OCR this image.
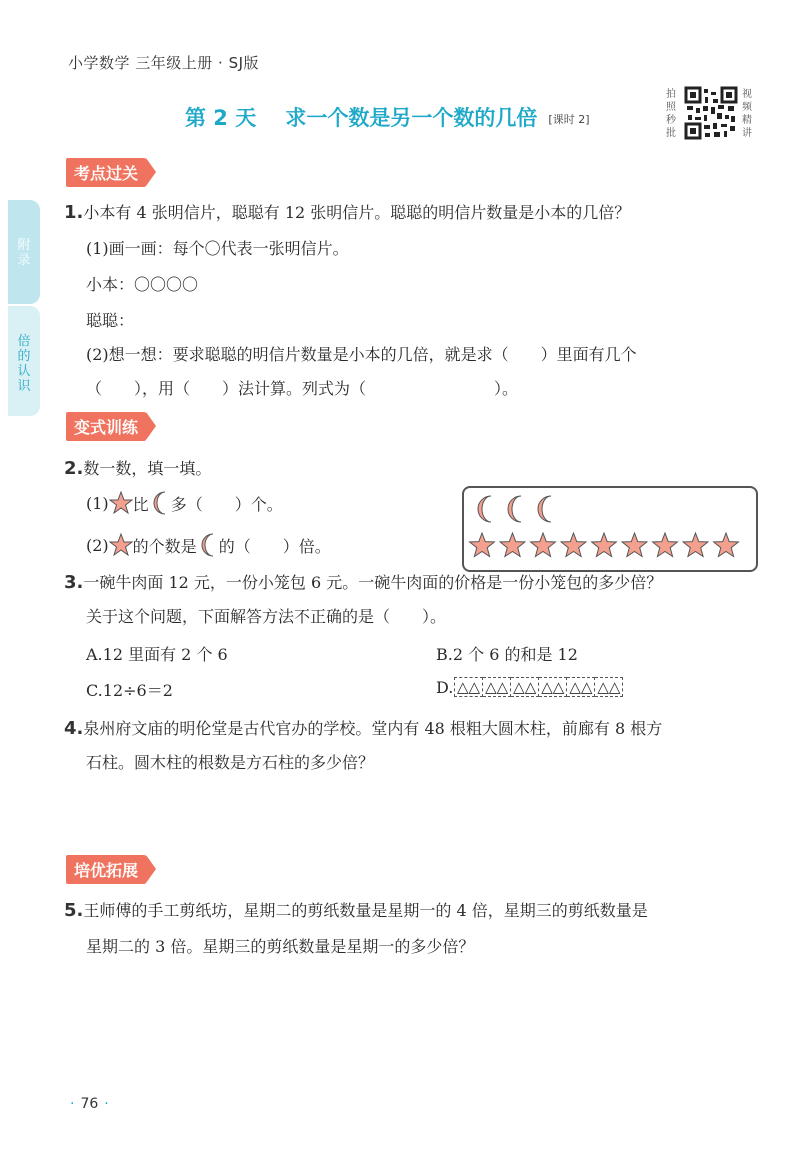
小学数学 三年级上册 · SJ版
第 2 天 求一个数是另一个数的几倍 [课时 2]
拍照秒批
视频精讲
附录
倍的认识
考点过关
1.小本有 4 张明信片，聪聪有 12 张明信片。聪聪的明信片数量是小本的几倍？
(1)画一画：每个〇代表一张明信片。
小本：〇〇〇〇
聪聪：
(2)想一想：要求聪聪的明信片数量是小本的几倍，就是求（　　）里面有几个
（　　），用（　　）法计算。列式为（　　　　　　　　）。
变式训练
2.数一数，填一填。
(1) 比 多（　　）个。
(2) 的个数是 的（　　）倍。
3.一碗牛肉面 12 元，一份小笼包 6 元。一碗牛肉面的价格是一份小笼包的多少倍？
关于这个问题，下面解答方法不正确的是（　　）。
A.12 里面有 2 个 6	B.2 个 6 的和是 12
C.12÷6＝2	D. △△ △△ △△ △△ △△ △△
4.泉州府文庙的明伦堂是古代官办的学校。堂内有 48 根粗大圆木柱，前廊有 8 根方
石柱。圆木柱的根数是方石柱的多少倍？
培优拓展
5.王师傅的手工剪纸坊，星期二的剪纸数量是星期一的 4 倍，星期三的剪纸数量是
星期二的 3 倍。星期三的剪纸数量是星期一的多少倍？
· 76 ·
